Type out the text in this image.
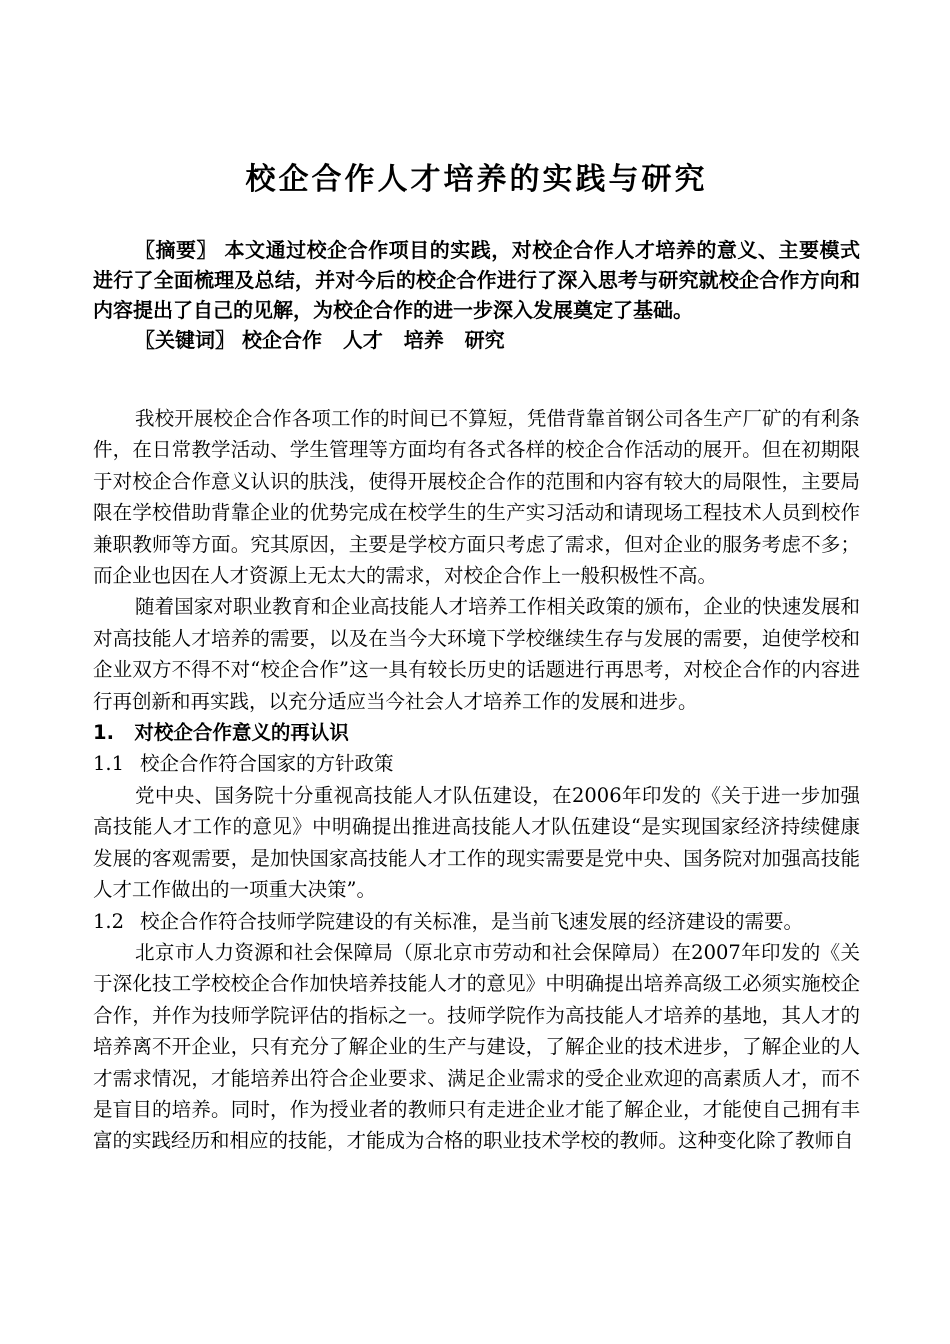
校企合作人才培养的实践与研究

〖摘要〗 本文通过校企合作项目的实践，对校企合作人才培养的意义、主要模式进行了全面梳理及总结，并对今后的校企合作进行了深入思考与研究就校企合作方向和内容提出了自己的见解，为校企合作的进一步深入发展奠定了基础。

〖关键词〗 校企合作   人才   培养   研究

我校开展校企合作各项工作的时间已不算短，凭借背靠首钢公司各生产厂矿的有利条件，在日常教学活动、学生管理等方面均有各式各样的校企合作活动的展开。但在初期限于对校企合作意义认识的肤浅，使得开展校企合作的范围和内容有较大的局限性，主要局限在学校借助背靠企业的优势完成在校学生的生产实习活动和请现场工程技术人员到校作兼职教师等方面。究其原因，主要是学校方面只考虑了需求，但对企业的服务考虑不多；而企业也因在人才资源上无太大的需求，对校企合作上一般积极性不高。

随着国家对职业教育和企业高技能人才培养工作相关政策的颁布，企业的快速发展和对高技能人才培养的需要，以及在当今大环境下学校继续生存与发展的需要，迫使学校和企业双方不得不对“校企合作”这一具有较长历史的话题进行再思考，对校企合作的内容进行再创新和再实践，以充分适应当今社会人才培养工作的发展和进步。

1.   对校企合作意义的再认识

1.1 校企合作符合国家的方针政策

党中央、国务院十分重视高技能人才队伍建设，在2006年印发的《关于进一步加强高技能人才工作的意见》中明确提出推进高技能人才队伍建设“是实现国家经济持续健康发展的客观需要，是加快国家高技能人才工作的现实需要是党中央、国务院对加强高技能人才工作做出的一项重大决策”。

1.2 校企合作符合技师学院建设的有关标准，是当前飞速发展的经济建设的需要。

北京市人力资源和社会保障局（原北京市劳动和社会保障局）在2007年印发的《关于深化技工学校校企合作加快培养技能人才的意见》中明确提出培养高级工必须实施校企合作，并作为技师学院评估的指标之一。技师学院作为高技能人才培养的基地，其人才的培养离不开企业，只有充分了解企业的生产与建设，了解企业的技术进步，了解企业的人才需求情况，才能培养出符合企业要求、满足企业需求的受企业欢迎的高素质人才，而不是盲目的培养。同时，作为授业者的教师只有走进企业才能了解企业，才能使自己拥有丰富的实践经历和相应的技能，才能成为合格的职业技术学校的教师。这种变化除了教师自
